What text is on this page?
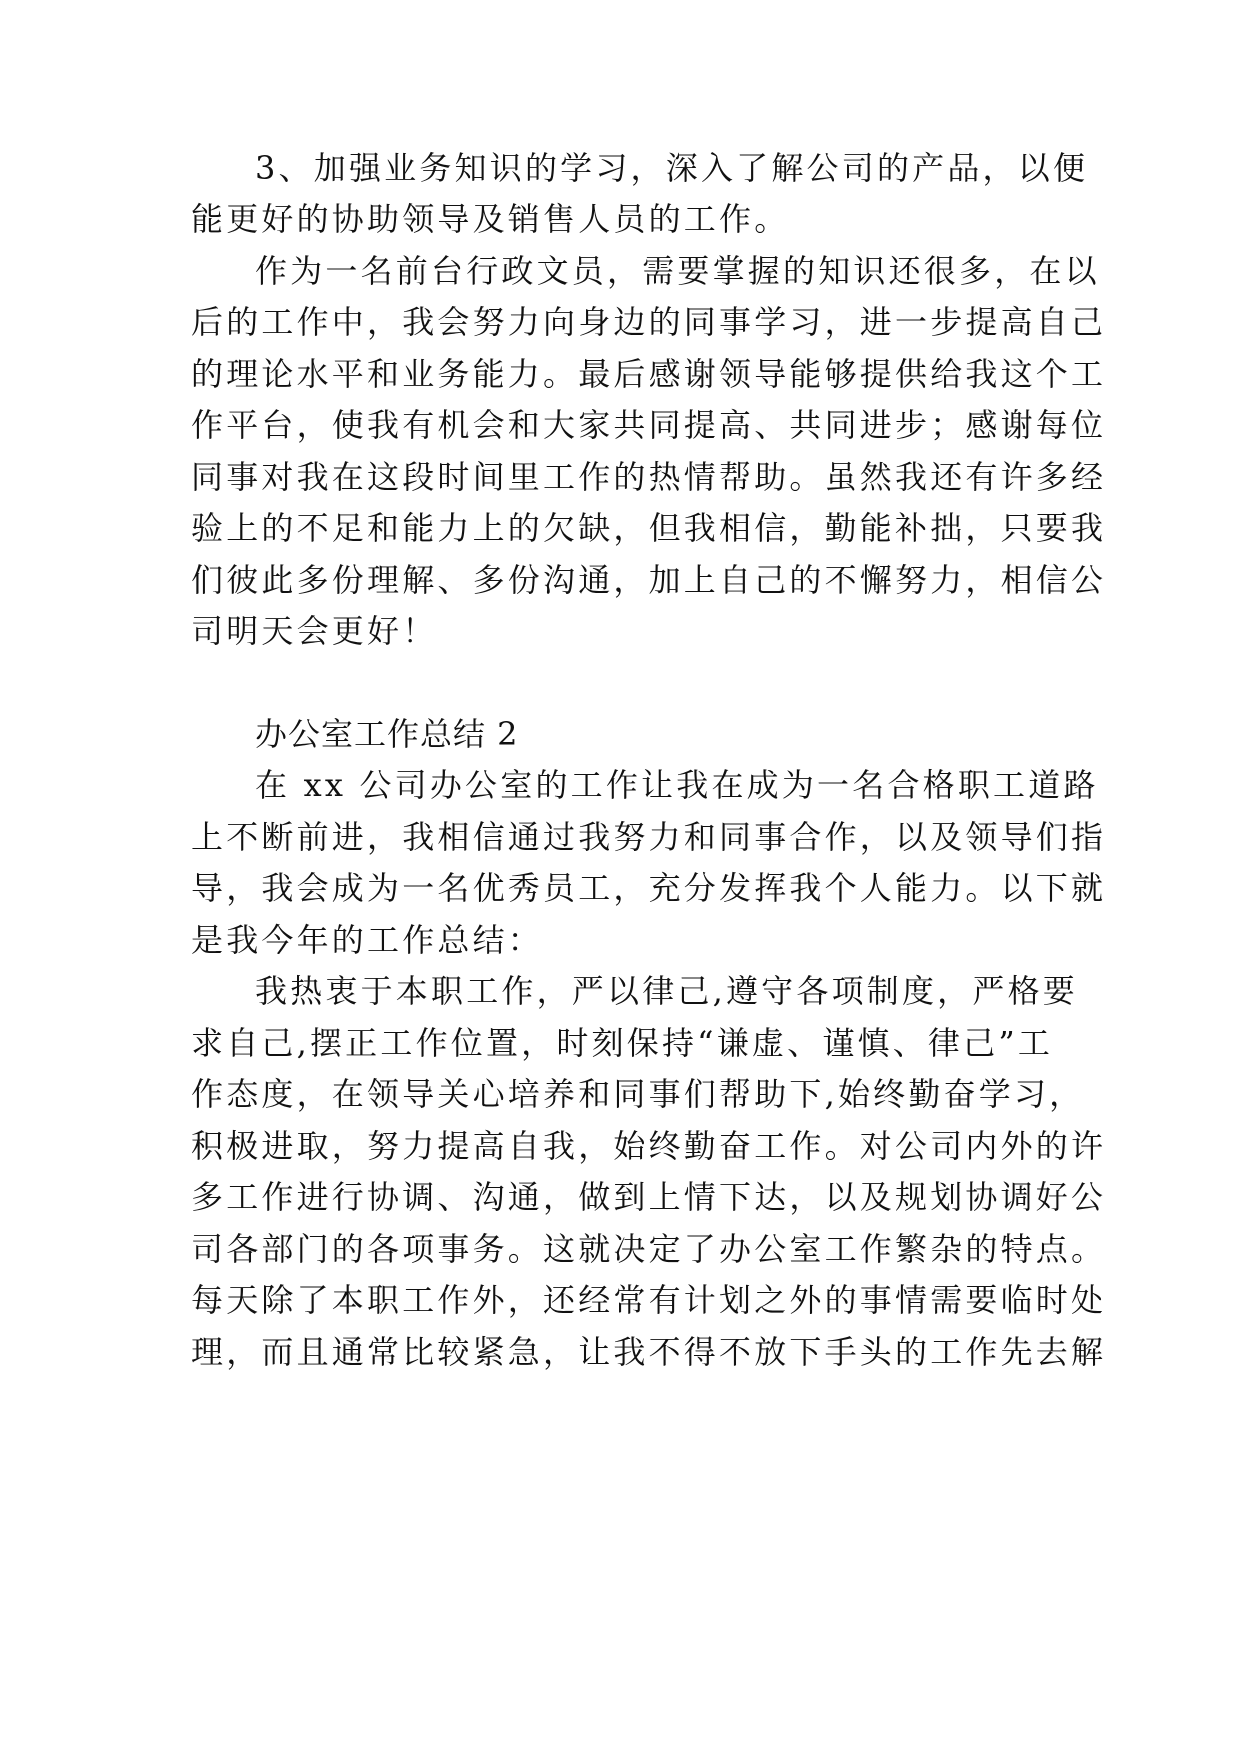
3、加强业务知识的学习，深入了解公司的产品，以便
能更好的协助领导及销售人员的工作。
作为一名前台行政文员，需要掌握的知识还很多，在以
后的工作中，我会努力向身边的同事学习，进一步提高自己
的理论水平和业务能力。最后感谢领导能够提供给我这个工
作平台，使我有机会和大家共同提高、共同进步；感谢每位
同事对我在这段时间里工作的热情帮助。虽然我还有许多经
验上的不足和能力上的欠缺，但我相信，勤能补拙，只要我
们彼此多份理解、多份沟通，加上自己的不懈努力，相信公
司明天会更好！
办公室工作总结 2
在 xx 公司办公室的工作让我在成为一名合格职工道路
上不断前进，我相信通过我努力和同事合作，以及领导们指
导，我会成为一名优秀员工，充分发挥我个人能力。以下就
是我今年的工作总结：
我热衷于本职工作，严以律己,遵守各项制度，严格要
求自己,摆正工作位置，时刻保持“谦虚、谨慎、律己”工
作态度，在领导关心培养和同事们帮助下,始终勤奋学习，
积极进取，努力提高自我，始终勤奋工作。对公司内外的许
多工作进行协调、沟通，做到上情下达，以及规划协调好公
司各部门的各项事务。这就决定了办公室工作繁杂的特点。
每天除了本职工作外，还经常有计划之外的事情需要临时处
理，而且通常比较紧急，让我不得不放下手头的工作先去解
